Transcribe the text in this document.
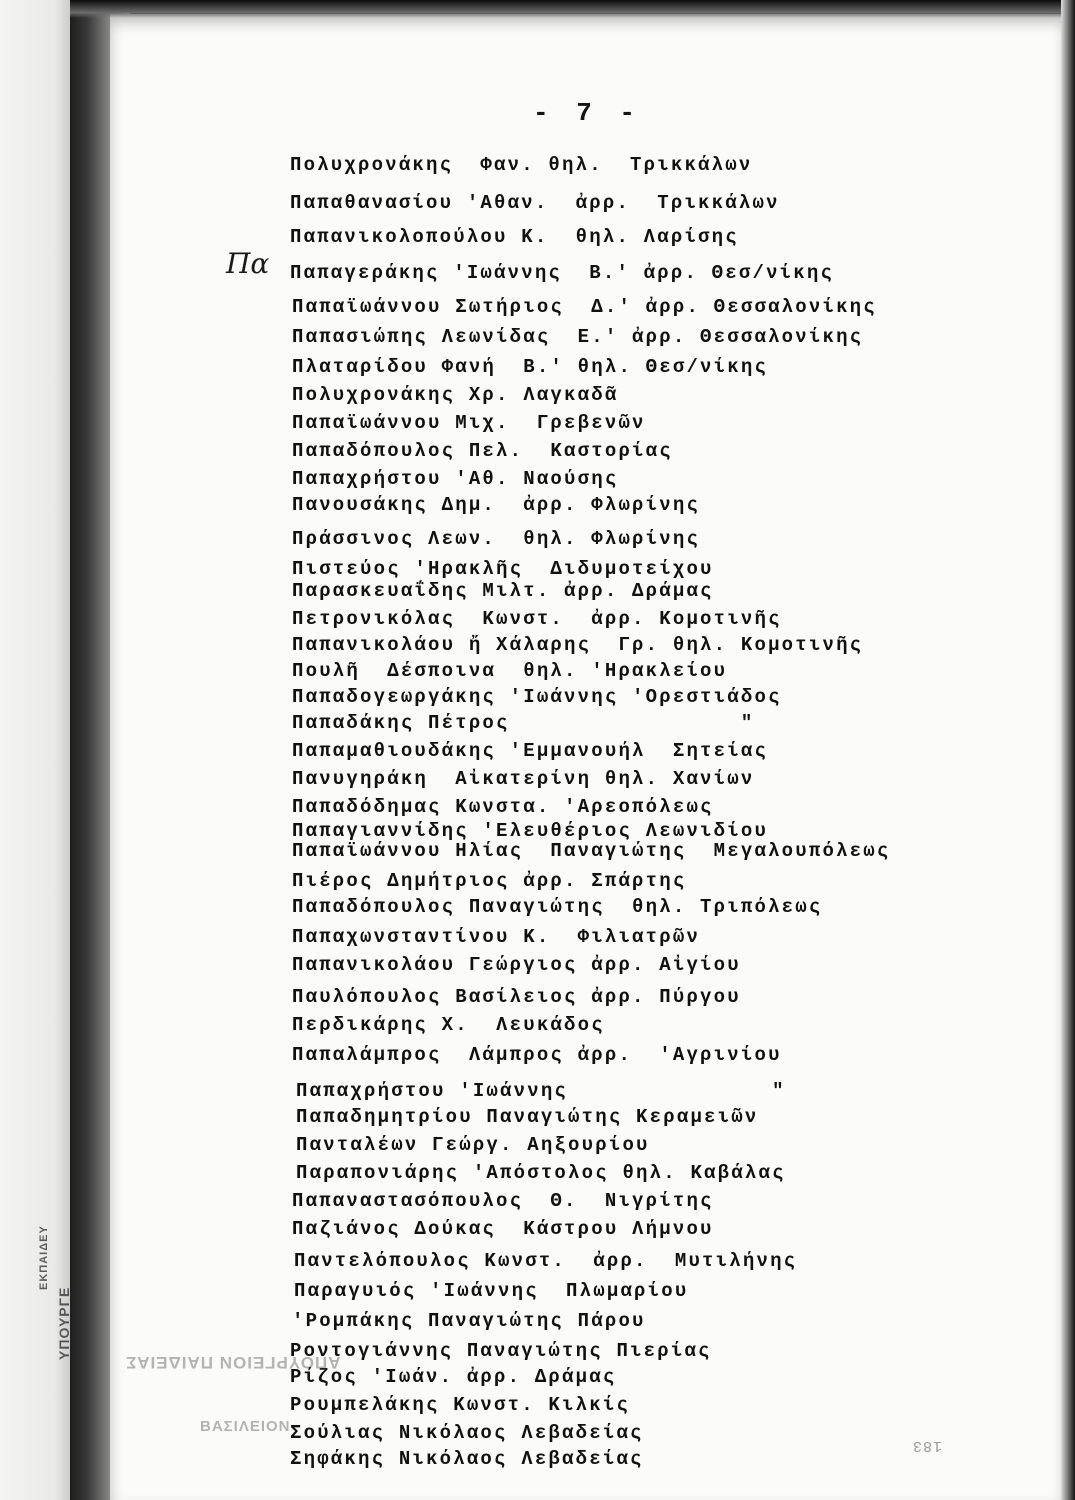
- 7 -
Πα
Πολυχρονάκης  Φαν. θηλ.  Τρικκάλων
Παπαθανασίου 'Αθαν.  ἀρρ.  Τρικκάλων
Παπανικολοπούλου Κ.  θηλ. Λαρίσης
Παπαγεράκης 'Ιωάννης  Β.' ἀρρ. Θεσ/νίκης
Παπαϊωάννου Σωτήριος  Δ.' ἀρρ. Θεσσαλονίκης
Παπασιώπης Λεωνίδας  Ε.' ἀρρ. Θεσσαλονίκης
Πλαταρίδου Φανή  Β.' θηλ. Θεσ/νίκης
Πολυχρονάκης Χρ. Λαγκαδᾶ
Παπαϊωάννου Μιχ.  Γρεβενῶν
Παπαδόπουλος Πελ.  Καστορίας
Παπαχρήστου 'Αθ. Ναούσης
Πανουσάκης Δημ.  ἀρρ. Φλωρίνης
Πράσσινος Λεων.  θηλ. Φλωρίνης
Πιστεύος 'Ηρακλῆς  Διδυμοτείχου
Παρασκευαΐδης Μιλτ. ἀρρ. Δράμας
Πετρονικόλας  Κωνστ.  ἀρρ. Κομοτινῆς
Παπανικολάου ἤ Χάλαρης  Γρ. θηλ. Κομοτινῆς
Πουλῆ  Δέσποινα  θηλ. 'Ηρακλείου
Παπαδογεωργάκης 'Ιωάννης 'Ορεστιάδος
Παπαδάκης Πέτρος                 "
Παπαμαθιουδάκης 'Εμμανουήλ  Σητείας
Πανυγηράκη  Αἰκατερίνη θηλ. Χανίων
Παπαδόδημας Κωνστα. 'Αρεοπόλεως
Παπαγιαννίδης 'Ελευθέριος Λεωνιδίου
Παπαϊωάννου Ηλίας  Παναγιώτης  Μεγαλουπόλεως
Πιέρος Δημήτριος ἀρρ. Σπάρτης
Παπαδόπουλος Παναγιώτης  θηλ. Τριπόλεως
Παπαχωνσταντίνου Κ.  Φιλιατρῶν
Παπανικολάου Γεώργιος ἀρρ. Αἰγίου
Παυλόπουλος Βασίλειος ἀρρ. Πύργου
Περδικάρης Χ.  Λευκάδος
Παπαλάμπρος  Λάμπρος ἀρρ.  'Αγρινίου
Παπαχρήστου 'Ιωάννης               "
Παπαδημητρίου Παναγιώτης Κεραμειῶν
Πανταλέων Γεώργ. Αηξουρίου
Παραπονιάρης 'Απόστολος θηλ. Καβάλας
Παπαναστασόπουλος  Θ.  Νιγρίτης
Παζιάνος Δούκας  Κάστρου Λήμνου
Παντελόπουλος Κωνστ.  ἀρρ.  Μυτιλήνης
Παραγυιός 'Ιωάννης  Πλωμαρίου
'Ρομπάκης Παναγιώτης Πάρου
Ροντογιάννης Παναγιώτης Πιερίας
Ρίζος 'Ιωάν. ἀρρ. Δράμας
Ρουμπελάκης Κωνστ. Κιλκίς
Σούλιας Νικόλαος Λεβαδείας
Σηφάκης Νικόλαος Λεβαδείας
ΑΠΟΥΡΓΕΙΟΝ ΠΑΙΔΕΙΑΣ
ΒΑΣΙΛΕΙΟΝ
ΕΚΠΑΙΔΕΥ
ΥΠΟΥΡΓΕ
183
